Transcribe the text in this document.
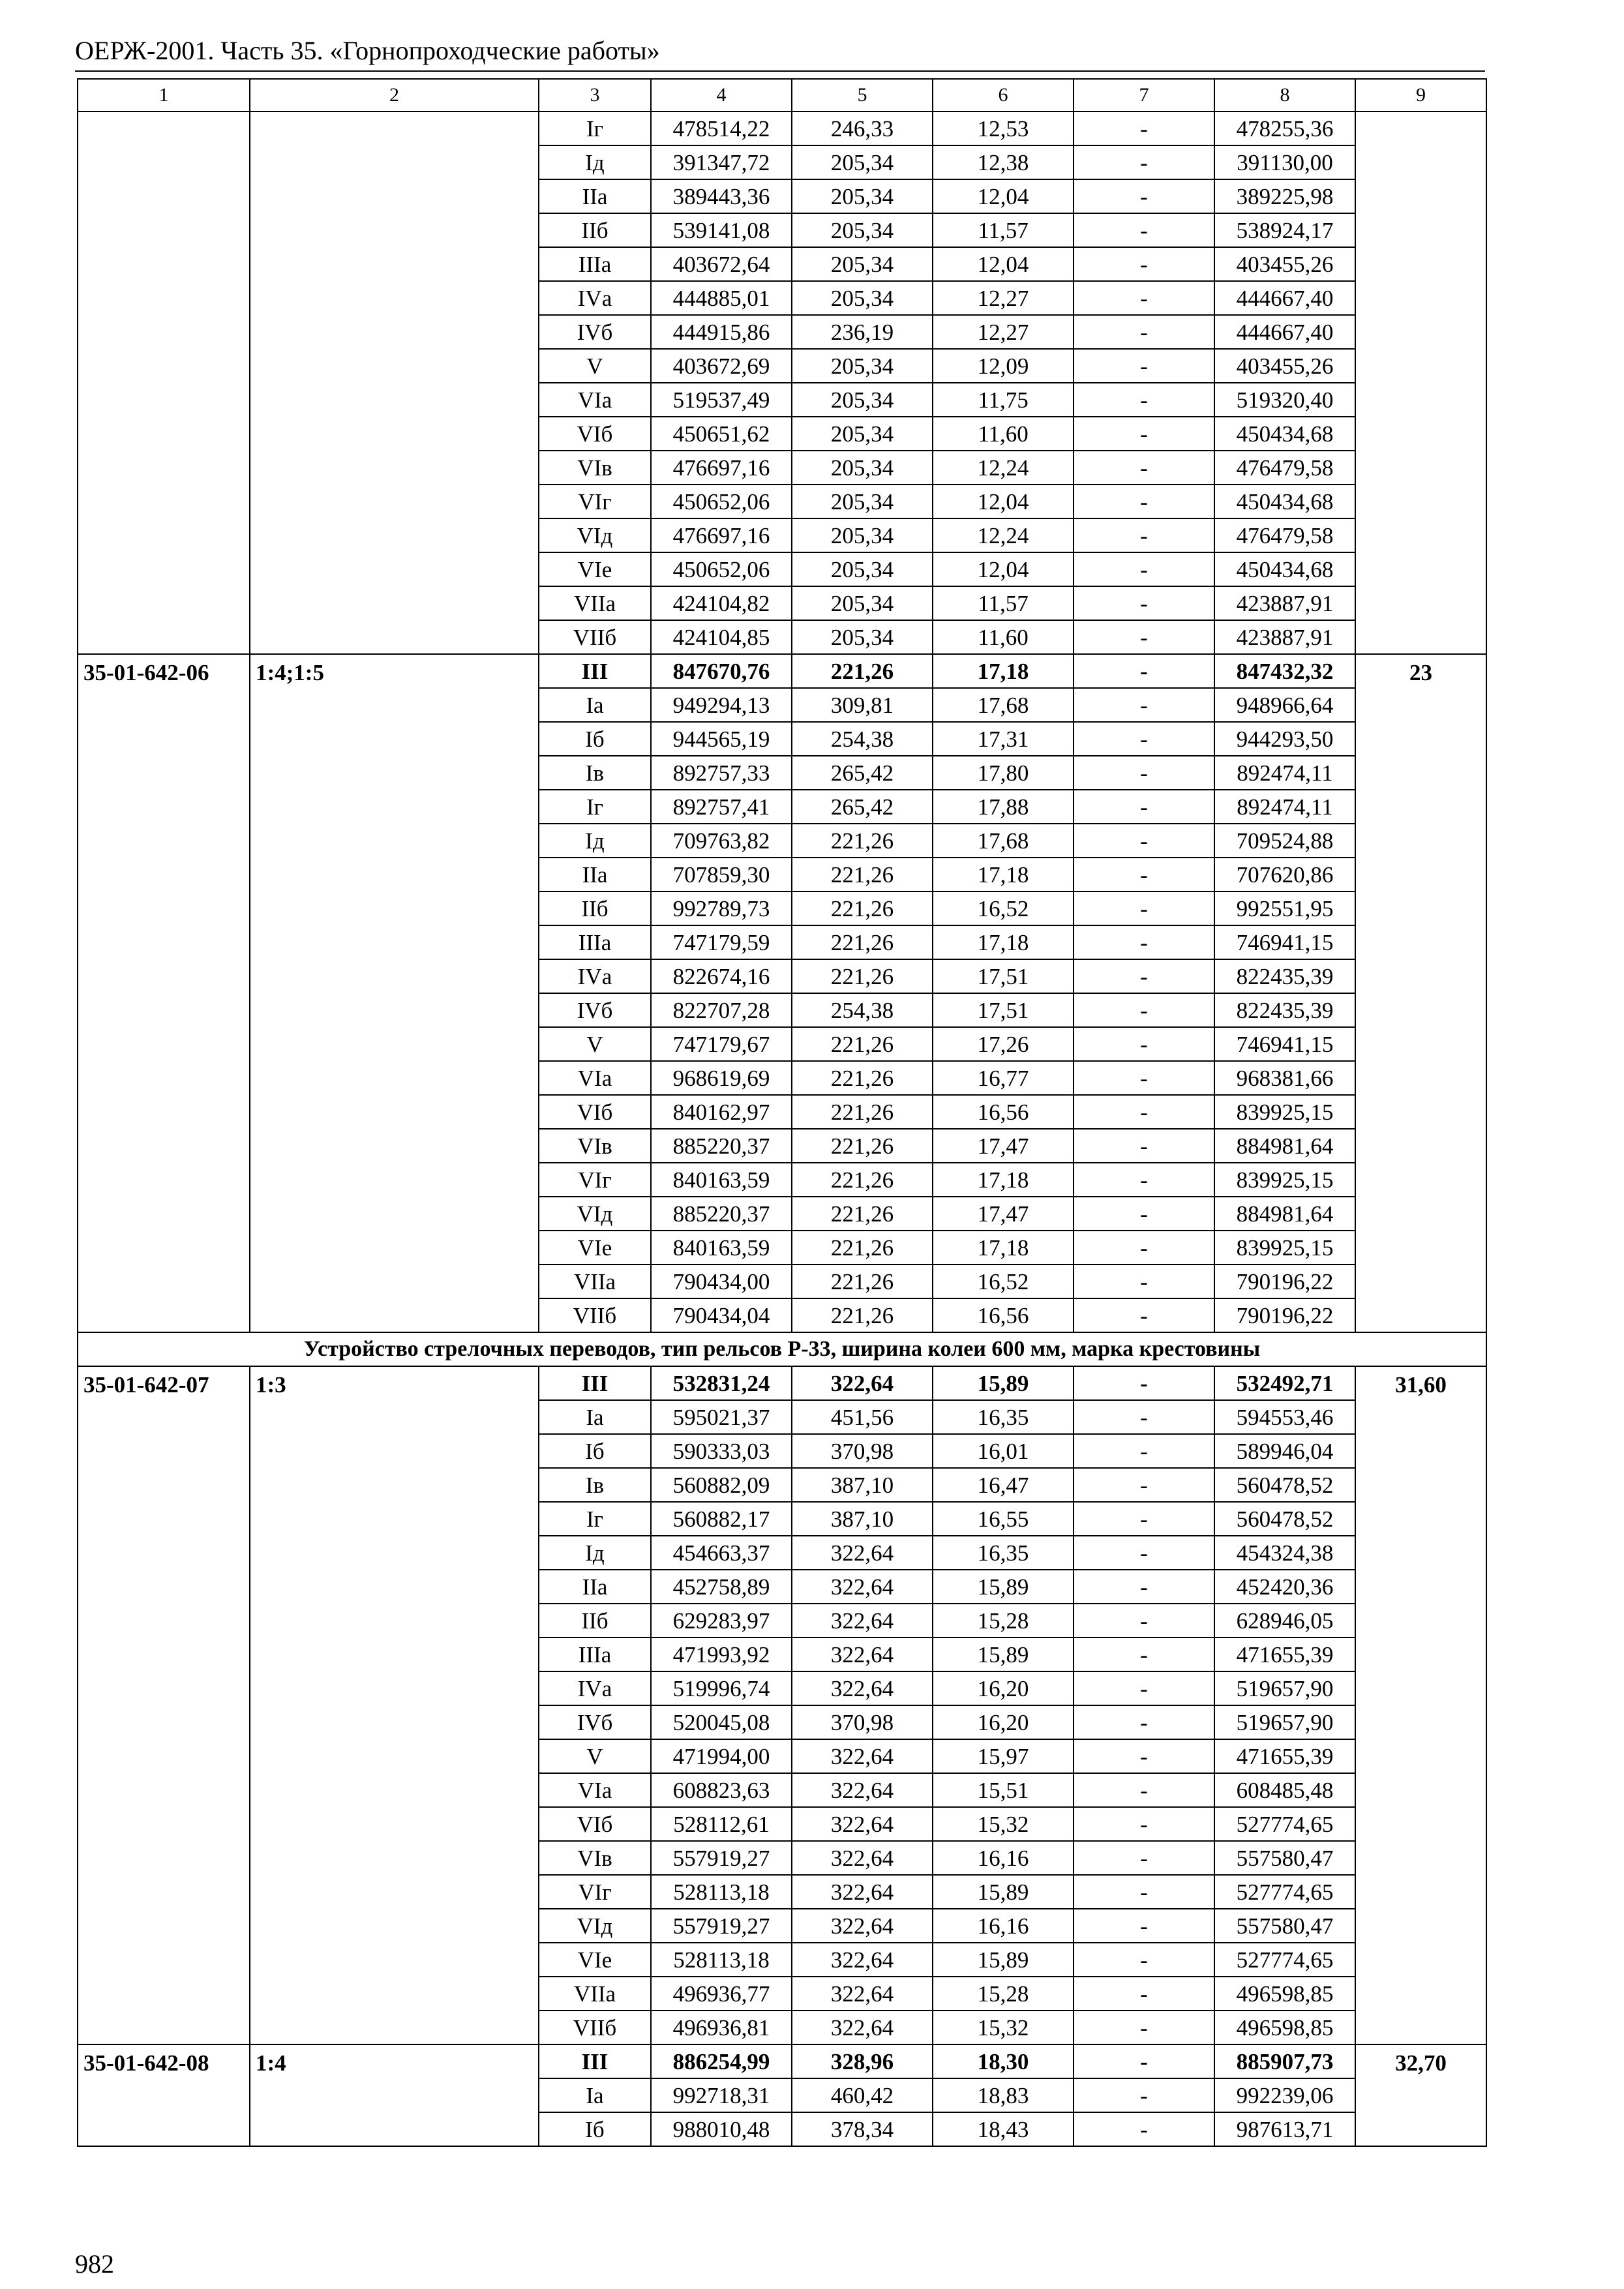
ОЕРЖ-2001. Часть 35. «Горнопроходческие работы»
1	2	3	4	5	6	7	8	9
		Iг	478514,22	246,33	12,53	-	478255,36	
		Iд	391347,72	205,34	12,38	-	391130,00	
		IIа	389443,36	205,34	12,04	-	389225,98	
		IIб	539141,08	205,34	11,57	-	538924,17	
		IIIа	403672,64	205,34	12,04	-	403455,26	
		IVа	444885,01	205,34	12,27	-	444667,40	
		IVб	444915,86	236,19	12,27	-	444667,40	
		V	403672,69	205,34	12,09	-	403455,26	
		VIа	519537,49	205,34	11,75	-	519320,40	
		VIб	450651,62	205,34	11,60	-	450434,68	
		VIв	476697,16	205,34	12,24	-	476479,58	
		VIг	450652,06	205,34	12,04	-	450434,68	
		VIд	476697,16	205,34	12,24	-	476479,58	
		VIе	450652,06	205,34	12,04	-	450434,68	
		VIIа	424104,82	205,34	11,57	-	423887,91	
		VIIб	424104,85	205,34	11,60	-	423887,91	
35-01-642-06	1:4;1:5	III	847670,76	221,26	17,18	-	847432,32	23
		Iа	949294,13	309,81	17,68	-	948966,64	
		Iб	944565,19	254,38	17,31	-	944293,50	
		Iв	892757,33	265,42	17,80	-	892474,11	
		Iг	892757,41	265,42	17,88	-	892474,11	
		Iд	709763,82	221,26	17,68	-	709524,88	
		IIа	707859,30	221,26	17,18	-	707620,86	
		IIб	992789,73	221,26	16,52	-	992551,95	
		IIIа	747179,59	221,26	17,18	-	746941,15	
		IVа	822674,16	221,26	17,51	-	822435,39	
		IVб	822707,28	254,38	17,51	-	822435,39	
		V	747179,67	221,26	17,26	-	746941,15	
		VIа	968619,69	221,26	16,77	-	968381,66	
		VIб	840162,97	221,26	16,56	-	839925,15	
		VIв	885220,37	221,26	17,47	-	884981,64	
		VIг	840163,59	221,26	17,18	-	839925,15	
		VIд	885220,37	221,26	17,47	-	884981,64	
		VIе	840163,59	221,26	17,18	-	839925,15	
		VIIа	790434,00	221,26	16,52	-	790196,22	
		VIIб	790434,04	221,26	16,56	-	790196,22	
Устройство стрелочных переводов, тип рельсов Р-33, ширина колеи 600 мм, марка крестовины								
35-01-642-07	1:3	III	532831,24	322,64	15,89	-	532492,71	31,60
		Iа	595021,37	451,56	16,35	-	594553,46	
		Iб	590333,03	370,98	16,01	-	589946,04	
		Iв	560882,09	387,10	16,47	-	560478,52	
		Iг	560882,17	387,10	16,55	-	560478,52	
		Iд	454663,37	322,64	16,35	-	454324,38	
		IIа	452758,89	322,64	15,89	-	452420,36	
		IIб	629283,97	322,64	15,28	-	628946,05	
		IIIа	471993,92	322,64	15,89	-	471655,39	
		IVа	519996,74	322,64	16,20	-	519657,90	
		IVб	520045,08	370,98	16,20	-	519657,90	
		V	471994,00	322,64	15,97	-	471655,39	
		VIа	608823,63	322,64	15,51	-	608485,48	
		VIб	528112,61	322,64	15,32	-	527774,65	
		VIв	557919,27	322,64	16,16	-	557580,47	
		VIг	528113,18	322,64	15,89	-	527774,65	
		VIд	557919,27	322,64	16,16	-	557580,47	
		VIе	528113,18	322,64	15,89	-	527774,65	
		VIIа	496936,77	322,64	15,28	-	496598,85	
		VIIб	496936,81	322,64	15,32	-	496598,85	
35-01-642-08	1:4	III	886254,99	328,96	18,30	-	885907,73	32,70
		Iа	992718,31	460,42	18,83	-	992239,06	
		Iб	988010,48	378,34	18,43	-	987613,71	
982
